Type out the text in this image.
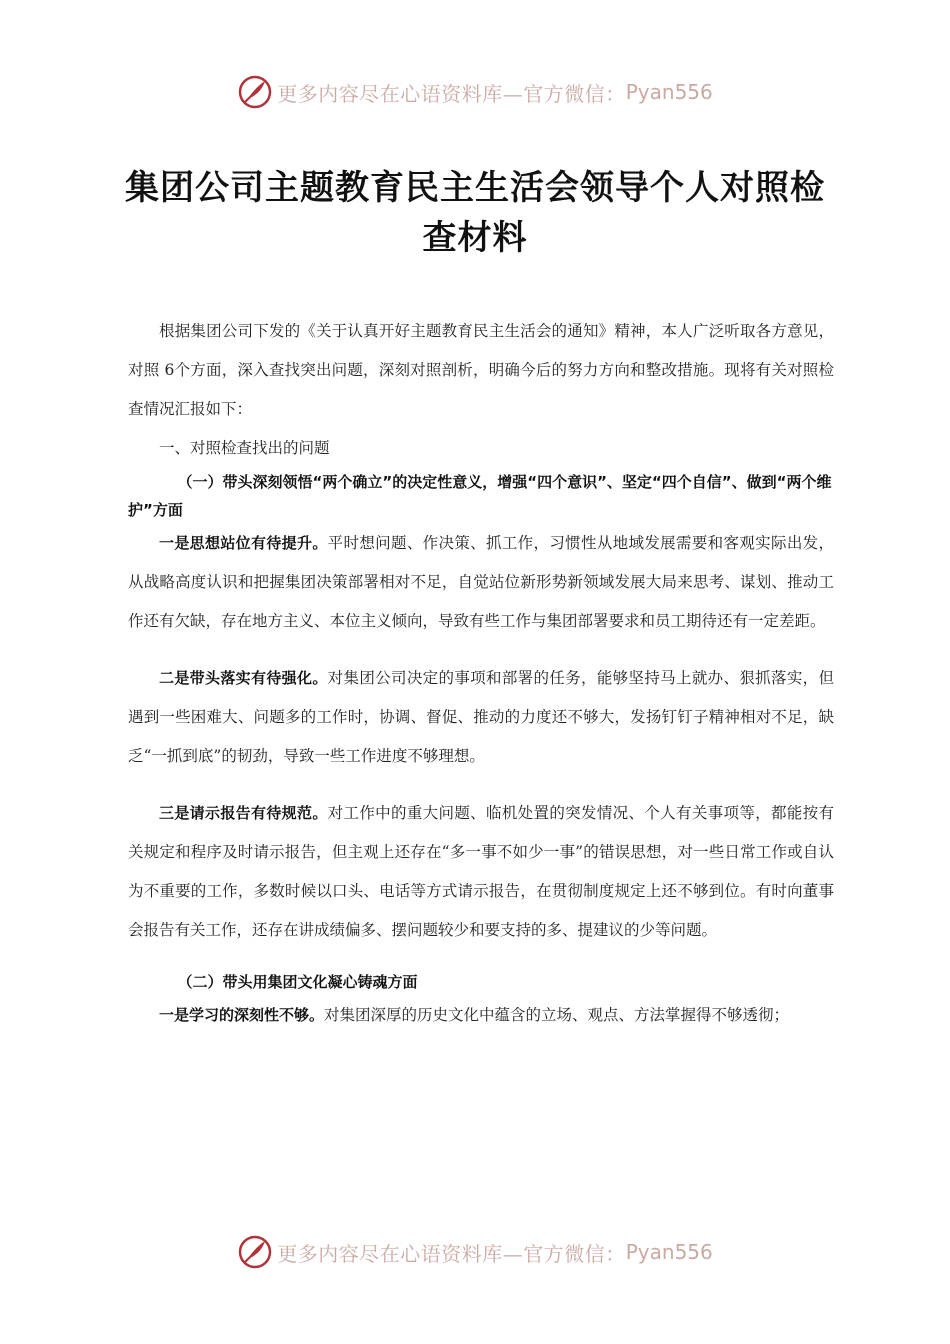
更多内容尽在心语资料库—官方微信： Pyan556
集团公司主题教育民主生活会领导个人对照检
查材料

根据集团公司下发的《关于认真开好主题教育民主生活会的通知》精神，本人广泛听取各方意见，对照 6个方面，深入查找突出问题，深刻对照剖析，明确今后的努力方向和整改措施。现将有关对照检查情况汇报如下：

一、对照检查找出的问题

（一）带头深刻领悟“两个确立”的决定性意义，增强“四个意识”、坚定“四个自信”、做到“两个维护”方面

一是思想站位有待提升。平时想问题、作决策、抓工作，习惯性从地域发展需要和客观实际出发，从战略高度认识和把握集团决策部署相对不足，自觉站位新形势新领域发展大局来思考、谋划、推动工作还有欠缺，存在地方主义、本位主义倾向，导致有些工作与集团部署要求和员工期待还有一定差距。

二是带头落实有待强化。对集团公司决定的事项和部署的任务，能够坚持马上就办、狠抓落实，但遇到一些困难大、问题多的工作时，协调、督促、推动的力度还不够大，发扬钉钉子精神相对不足，缺乏“一抓到底”的韧劲，导致一些工作进度不够理想。

三是请示报告有待规范。对工作中的重大问题、临机处置的突发情况、个人有关事项等，都能按有关规定和程序及时请示报告，但主观上还存在“多一事不如少一事”的错误思想，对一些日常工作或自认为不重要的工作，多数时候以口头、电话等方式请示报告，在贯彻制度规定上还不够到位。有时向董事会报告有关工作，还存在讲成绩偏多、摆问题较少和要支持的多、提建议的少等问题。

（二）带头用集团文化凝心铸魂方面

一是学习的深刻性不够。对集团深厚的历史文化中蕴含的立场、观点、方法掌握得不够透彻；

更多内容尽在心语资料库—官方微信： Pyan556
